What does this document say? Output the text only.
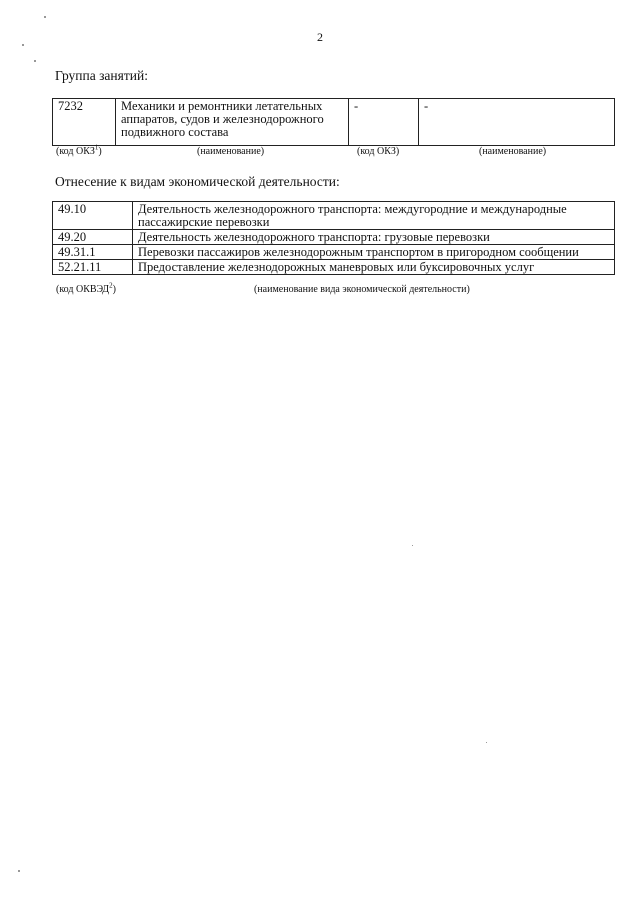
2
Группа занятий:
7232	Механики и ремонтники летательных аппаратов, судов и железнодорожного подвижного состава	-	-
(код ОКЗ$^1$)	(наименование)	(код ОКЗ)	(наименование)
Отнесение к видам экономической деятельности:
49.10	Деятельность железнодорожного транспорта: междугородние и международные пассажирские перевозки
49.20	Деятельность железнодорожного транспорта: грузовые перевозки
49.31.1	Перевозки пассажиров железнодорожным транспортом в пригородном сообщении
52.21.11	Предоставление железнодорожных маневровых или буксировочных услуг
(код ОКВЭД$^2$)	(наименование вида экономической деятельности)
